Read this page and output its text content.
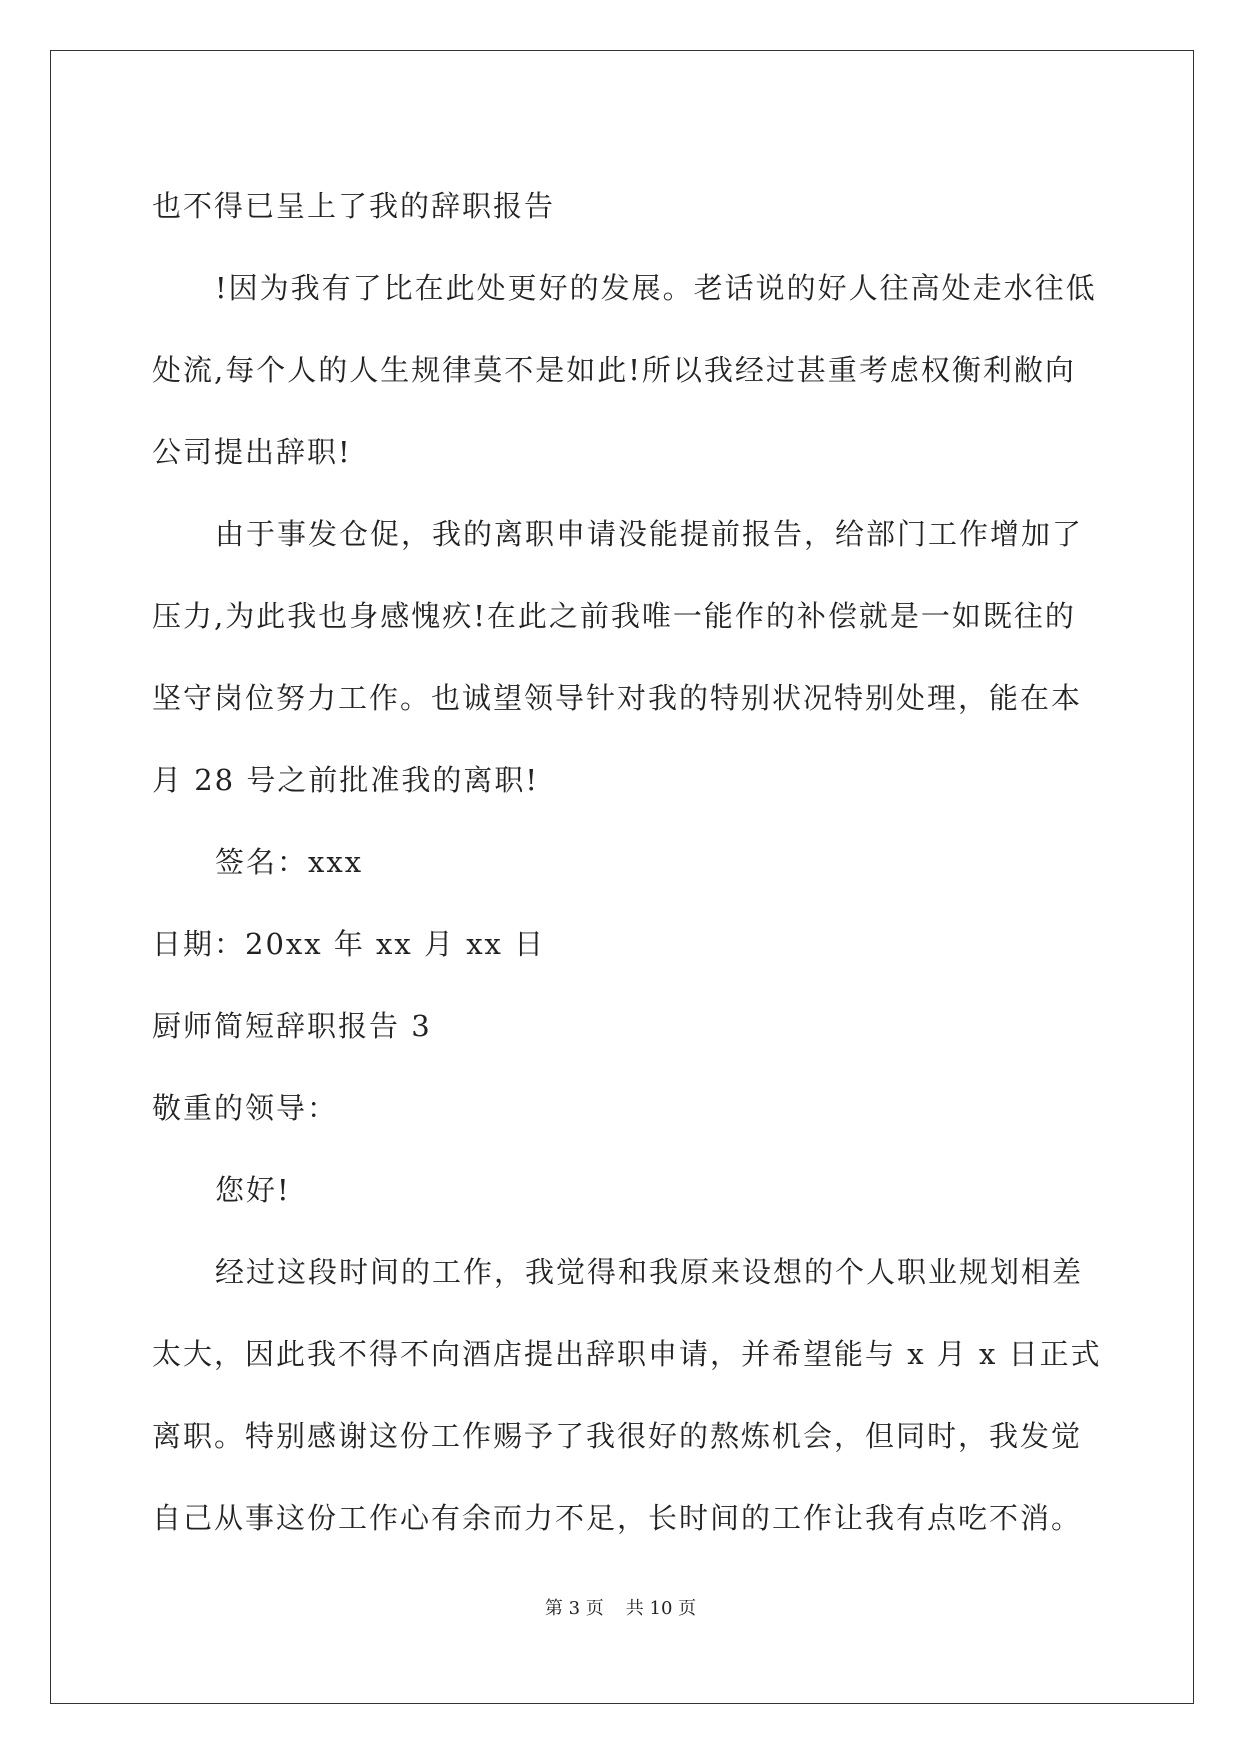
也不得已呈上了我的辞职报告
!因为我有了比在此处更好的发展。老话说的好人往高处走水往低
处流,每个人的人生规律莫不是如此!所以我经过甚重考虑权衡利敝向
公司提出辞职!
由于事发仓促，我的离职申请没能提前报告，给部门工作增加了
压力,为此我也身感愧疚!在此之前我唯一能作的补偿就是一如既往的
坚守岗位努力工作。也诚望领导针对我的特别状况特别处理，能在本
月 28 号之前批准我的离职!
签名：xxx
日期：20xx 年 xx 月 xx 日
厨师简短辞职报告 3
敬重的领导：
您好!
经过这段时间的工作，我觉得和我原来设想的个人职业规划相差
太大，因此我不得不向酒店提出辞职申请，并希望能与 x 月 x 日正式
离职。特别感谢这份工作赐予了我很好的熬炼机会，但同时，我发觉
自己从事这份工作心有余而力不足，长时间的工作让我有点吃不消。
第 3 页 共 10 页
